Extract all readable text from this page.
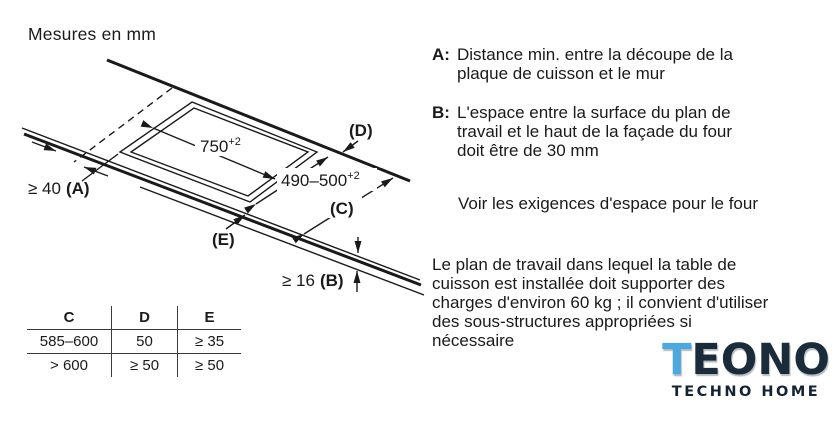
Mesures en mm
$750^{+2}$
$490-500^{+2}$
(D)
(C)
(E)
≥ 40 (A)
≥ 16 (B)
C	D	E
585–600	50	≥ 35
> 600	≥ 50	≥ 50
A: Distance min. entre la découpe de la
plaque de cuisson et le mur
B: L'espace entre la surface du plan de
travail et le haut de la façade du four
doit être de 30 mm
Voir les exigences d'espace pour le four
Le plan de travail dans lequel la table de
cuisson est installée doit supporter des
charges d'environ 60 kg ; il convient d'utiliser
des sous-structures appropriées si
nécessaire	TEONO
TECHNO HOME
